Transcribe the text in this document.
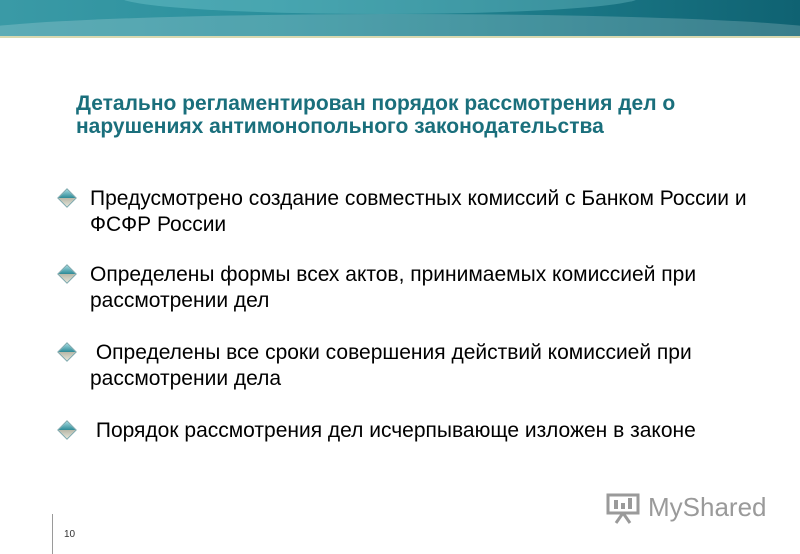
Детально регламентирован порядок рассмотрения дел о нарушениях антимонопольного законодательства
Предусмотрено создание совместных комиссий с Банком России и ФСФР России
Определены формы всех актов, принимаемых комиссией при рассмотрении дел
Определены все сроки совершения действий комиссией при рассмотрении дела
Порядок рассмотрения дел исчерпывающе изложен в законе
MyShared
10
